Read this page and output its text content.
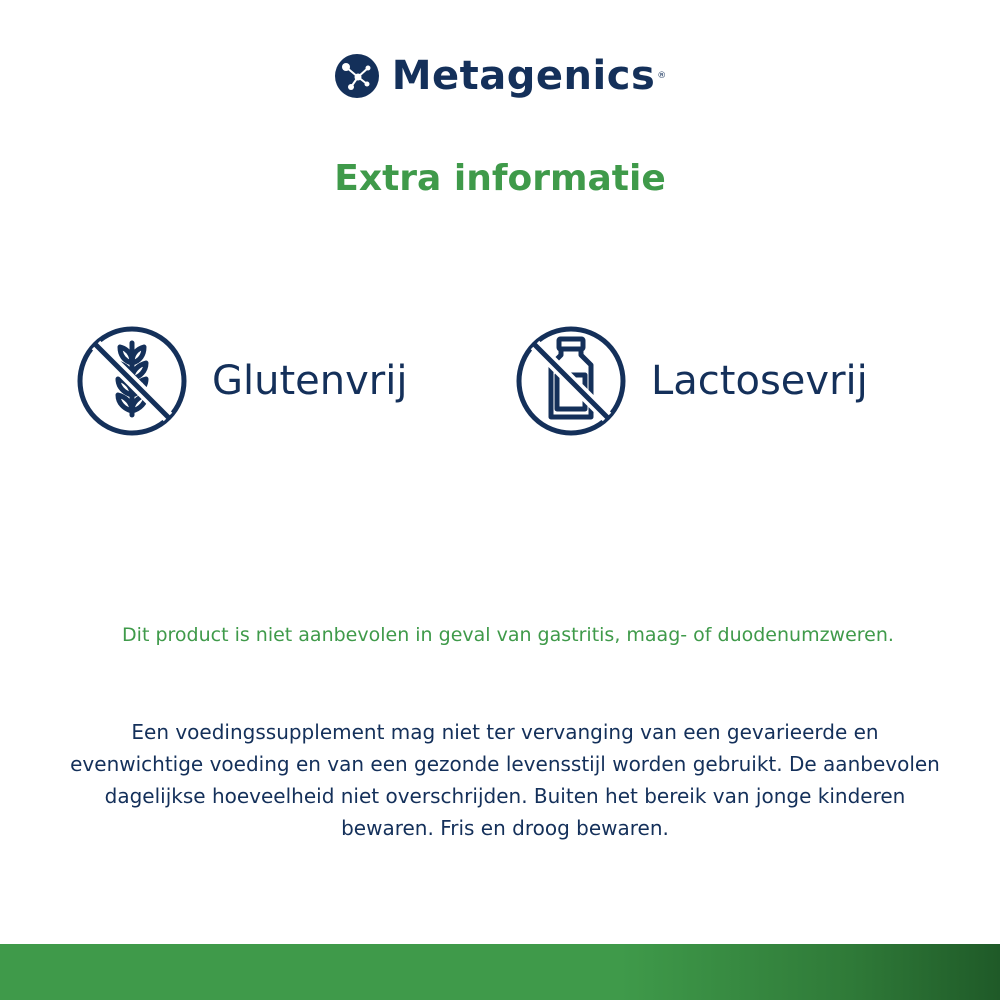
Metagenics ®
Extra informatie
Glutenvrij	Lactosevrij

Dit product is niet aanbevolen in geval van gastritis, maag- of duodenumzweren.

Een voedingssupplement mag niet ter vervanging van een gevarieerde en evenwichtige voeding en van een gezonde levensstijl worden gebruikt. De aanbevolen dagelijkse hoeveelheid niet overschrijden. Buiten het bereik van jonge kinderen bewaren. Fris en droog bewaren.
